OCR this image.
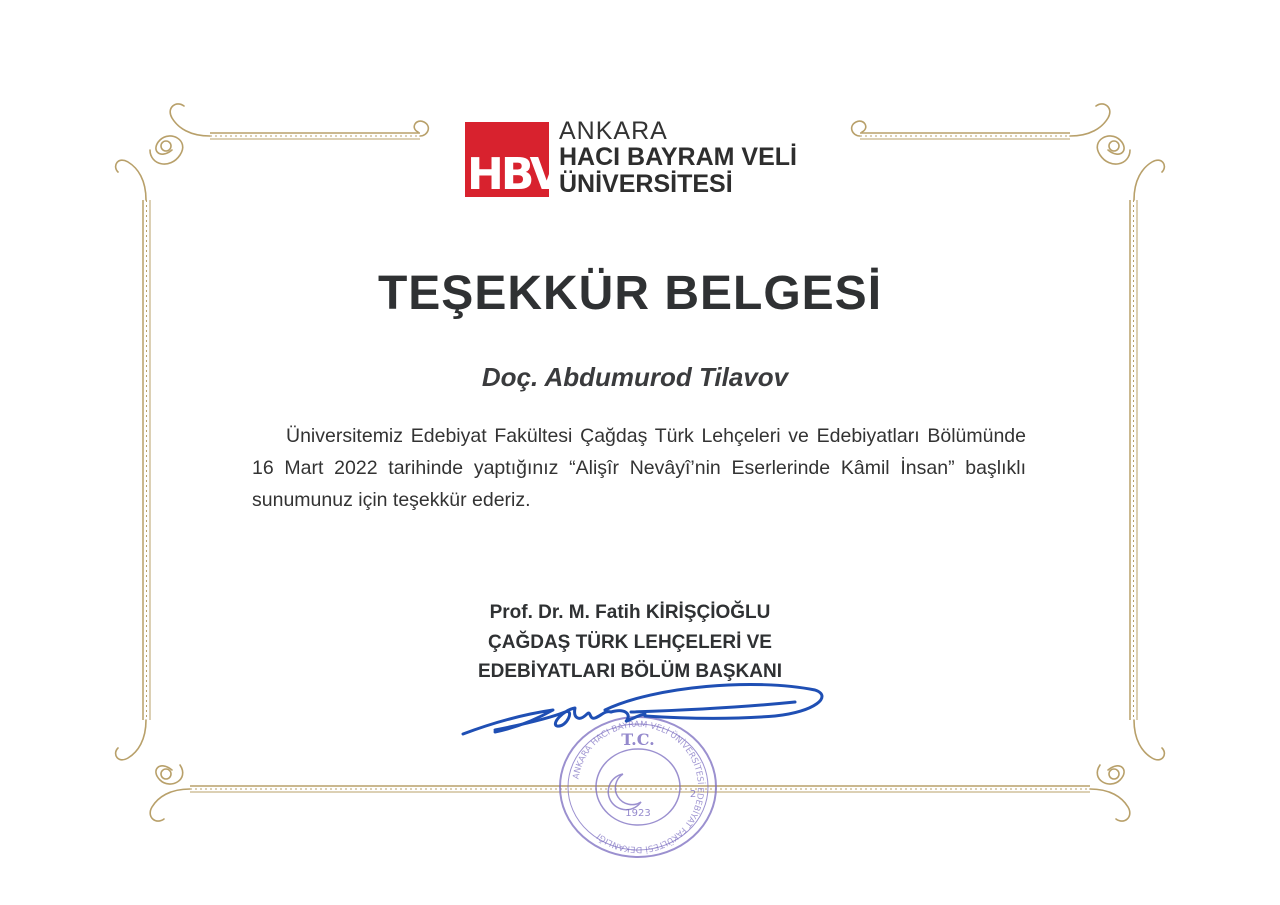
HBV
ANKARA
HACI BAYRAM VELİ
ÜNİVERSİTESİ
TEŞEKKÜR BELGESİ
Doç. Abdumurod Tilavov
Üniversitemiz Edebiyat Fakültesi Çağdaş Türk Lehçeleri ve Edebiyatları Bölümünde 16 Mart 2022 tarihinde yaptığınız “Alişîr Nevâyî’nin Eserlerinde Kâmil İnsan” başlıklı sunumunuz için teşekkür ederiz.
Prof. Dr. M. Fatih KİRİŞÇİOĞLU
ÇAĞDAŞ TÜRK LEHÇELERİ VE
EDEBİYATLARI BÖLÜM BAŞKANI
T.C.
ANKARA HACI BAYRAM VELİ ÜNİVERSİTESİ EDEBİYAT FAKÜLTESİ DEKANLIĞI
1923
2
